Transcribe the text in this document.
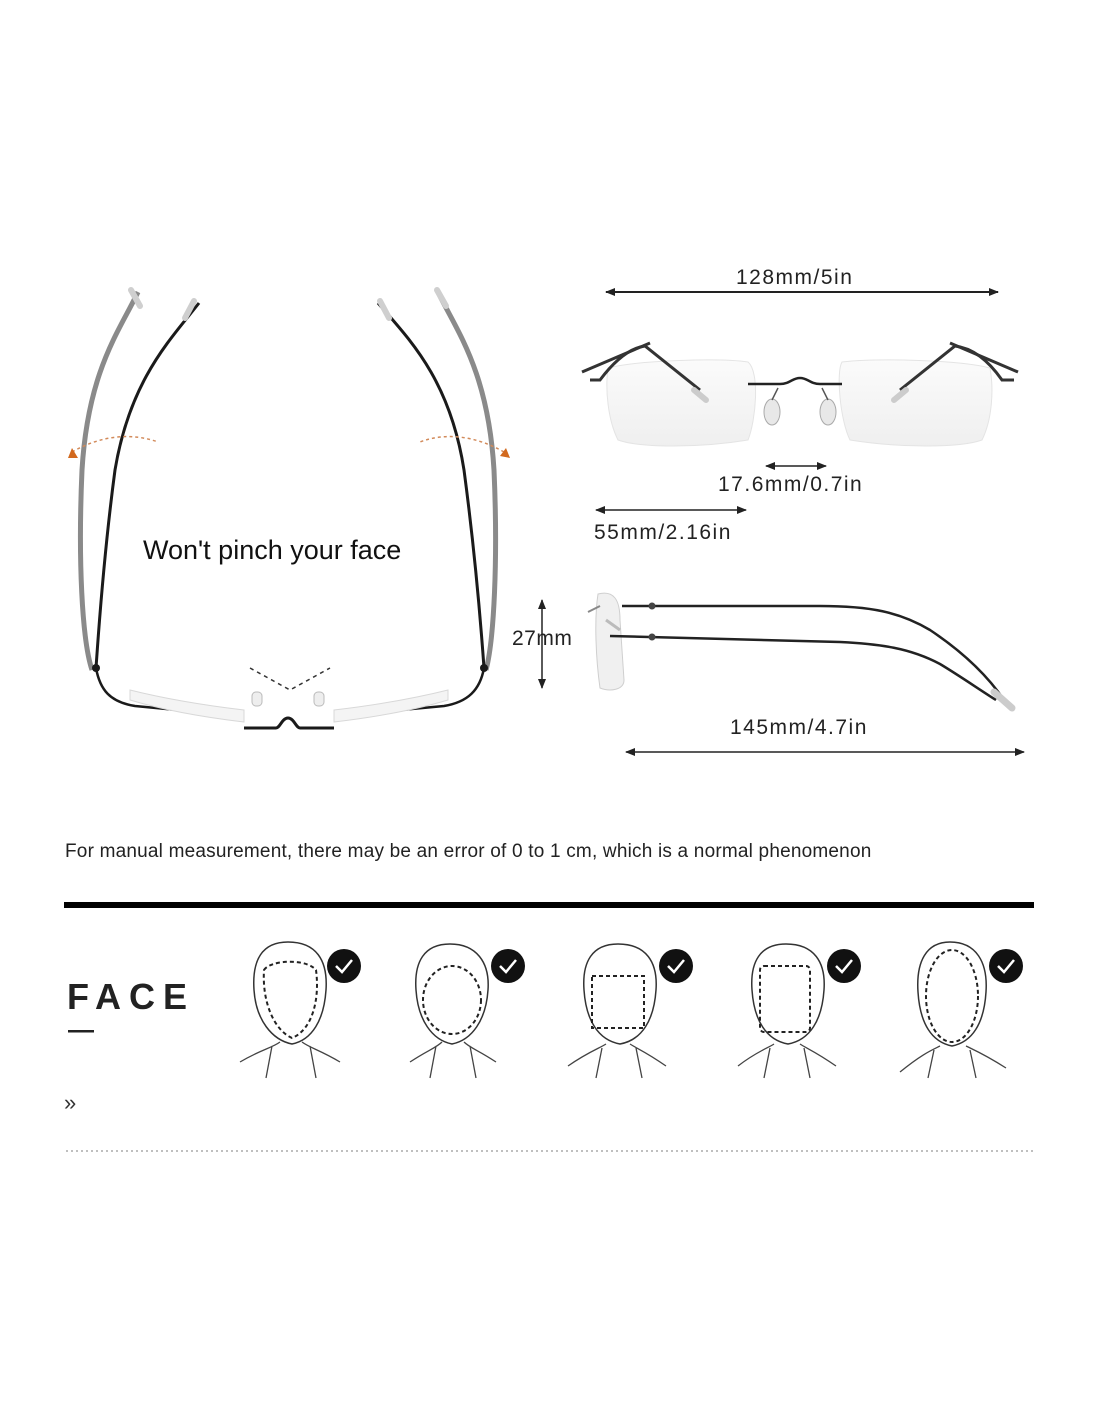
Won't pinch your face
128mm/5in
17.6mm/0.7in
55mm/2.16in
27mm
145mm/4.7in
For manual measurement, there may be an error of 0 to 1 cm, which is a normal phenomenon
FACE
»
